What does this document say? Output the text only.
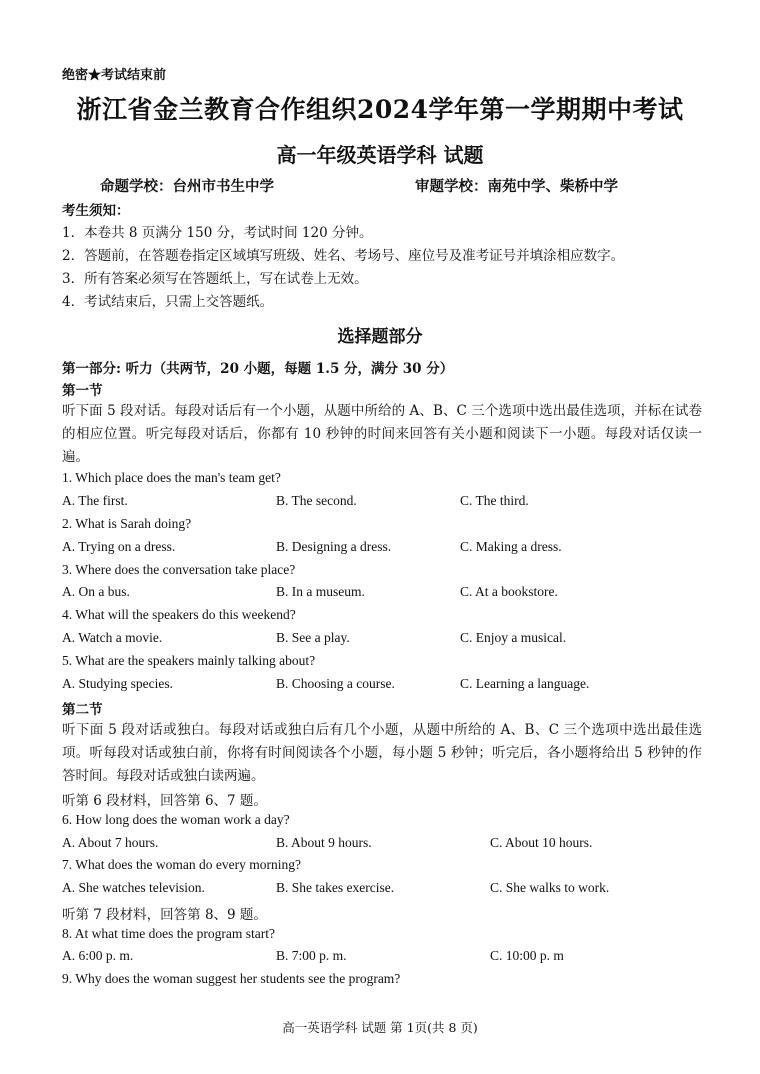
绝密★考试结束前
浙江省金兰教育合作组织2024学年第一学期期中考试
高一年级英语学科 试题
命题学校：台州市书生中学	审题学校：南苑中学、柴桥中学
考生须知：
1．本卷共 8 页满分 150 分，考试时间 120 分钟。
2．答题前，在答题卷指定区域填写班级、姓名、考场号、座位号及准考证号并填涂相应数字。
3．所有答案必须写在答题纸上，写在试卷上无效。
4．考试结束后，只需上交答题纸。
选择题部分
第一部分: 听力（共两节，20 小题，每题 1.5 分，满分 30 分）
第一节
听下面 5 段对话。每段对话后有一个小题，从题中所给的 A、B、C 三个选项中选出最佳选项，并标在试卷的相应位置。听完每段对话后，你都有 10 秒钟的时间来回答有关小题和阅读下一小题。每段对话仅读一遍。
1. Which place does the man's team get?
A. The first.	B. The second.	C. The third.
2. What is Sarah doing?
A. Trying on a dress.	B. Designing a dress.	C. Making a dress.
3. Where does the conversation take place?
A. On a bus.	B. In a museum.	C. At a bookstore.
4. What will the speakers do this weekend?
A. Watch a movie.	B. See a play.	C. Enjoy a musical.
5. What are the speakers mainly talking about?
A. Studying species.	B. Choosing a course.	C. Learning a language.
第二节
听下面 5 段对话或独白。每段对话或独白后有几个小题，从题中所给的 A、B、C 三个选项中选出最佳选项。听每段对话或独白前，你将有时间阅读各个小题，每小题 5 秒钟；听完后，各小题将给出 5 秒钟的作答时间。每段对话或独白读两遍。
听第 6 段材料，回答第 6、7 题。
6. How long does the woman work a day?
A. About 7 hours.	B. About 9 hours.	C. About 10 hours.
7. What does the woman do every morning?
A. She watches television.	B. She takes exercise.	C. She walks to work.
听第 7 段材料，回答第 8、9 题。
8. At what time does the program start?
A. 6:00 p. m.	B. 7:00 p. m.	C. 10:00 p. m
9. Why does the woman suggest her students see the program?
高一英语学科 试题 第 1页(共 8 页)
